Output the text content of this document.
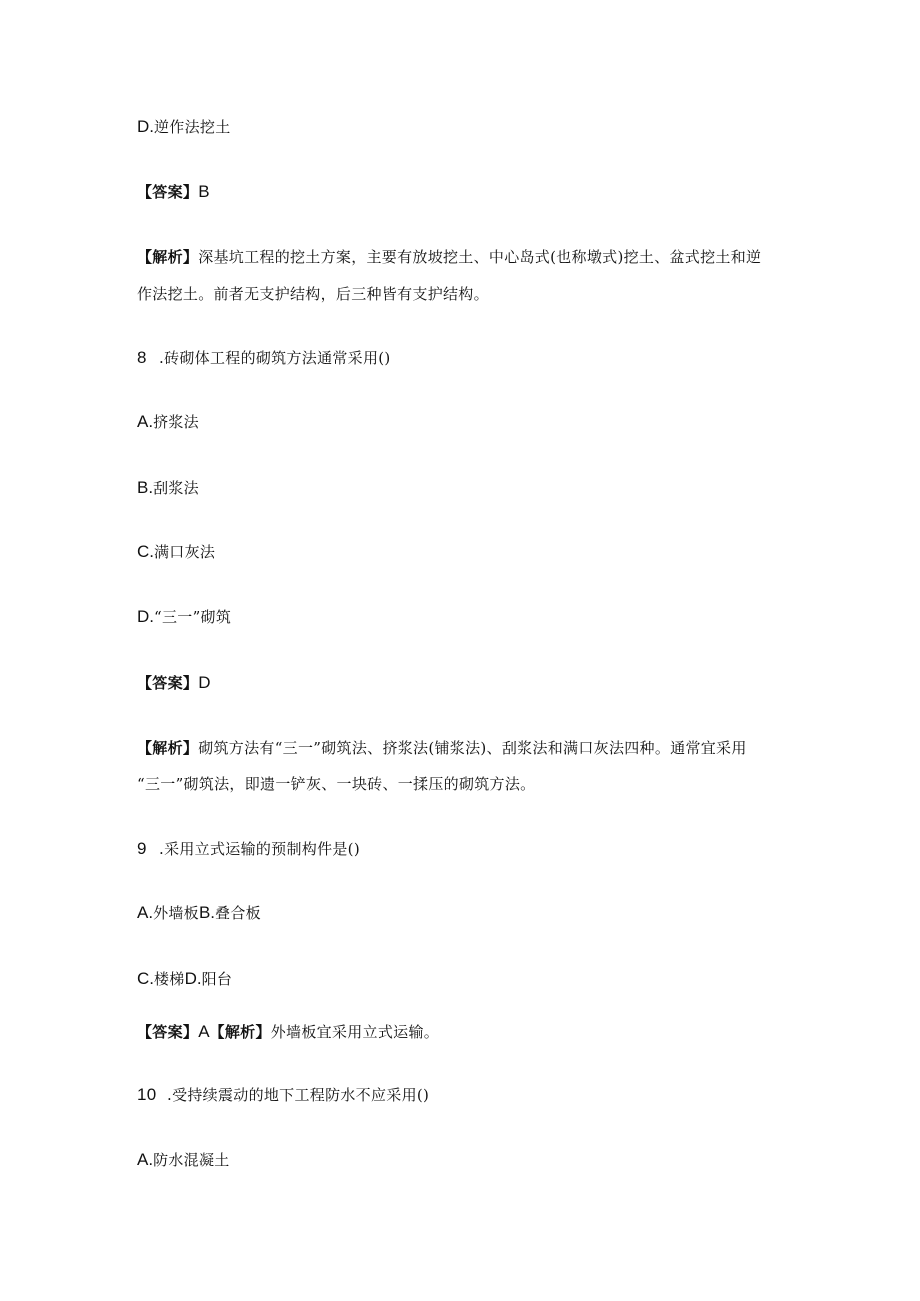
D.逆作法挖土
【答案】B
【解析】深基坑工程的挖土方案，主要有放坡挖土、中心岛式(也称墩式)挖土、盆式挖土和逆
作法挖土。前者无支护结构，后三种皆有支护结构。
8 .砖砌体工程的砌筑方法通常采用()
A.挤浆法
B.刮浆法
C.满口灰法
D.“三一”砌筑
【答案】D
【解析】砌筑方法有“三一”砌筑法、挤浆法(铺浆法)、刮浆法和满口灰法四种。通常宜采用
“三一”砌筑法，即遗一铲灰、一块砖、一揉压的砌筑方法。
9 .采用立式运输的预制构件是()
A.外墙板B.叠合板
C.楼梯D.阳台
【答案】A【解析】外墙板宜采用立式运输。
10 .受持续震动的地下工程防水不应采用()
A.防水混凝土
